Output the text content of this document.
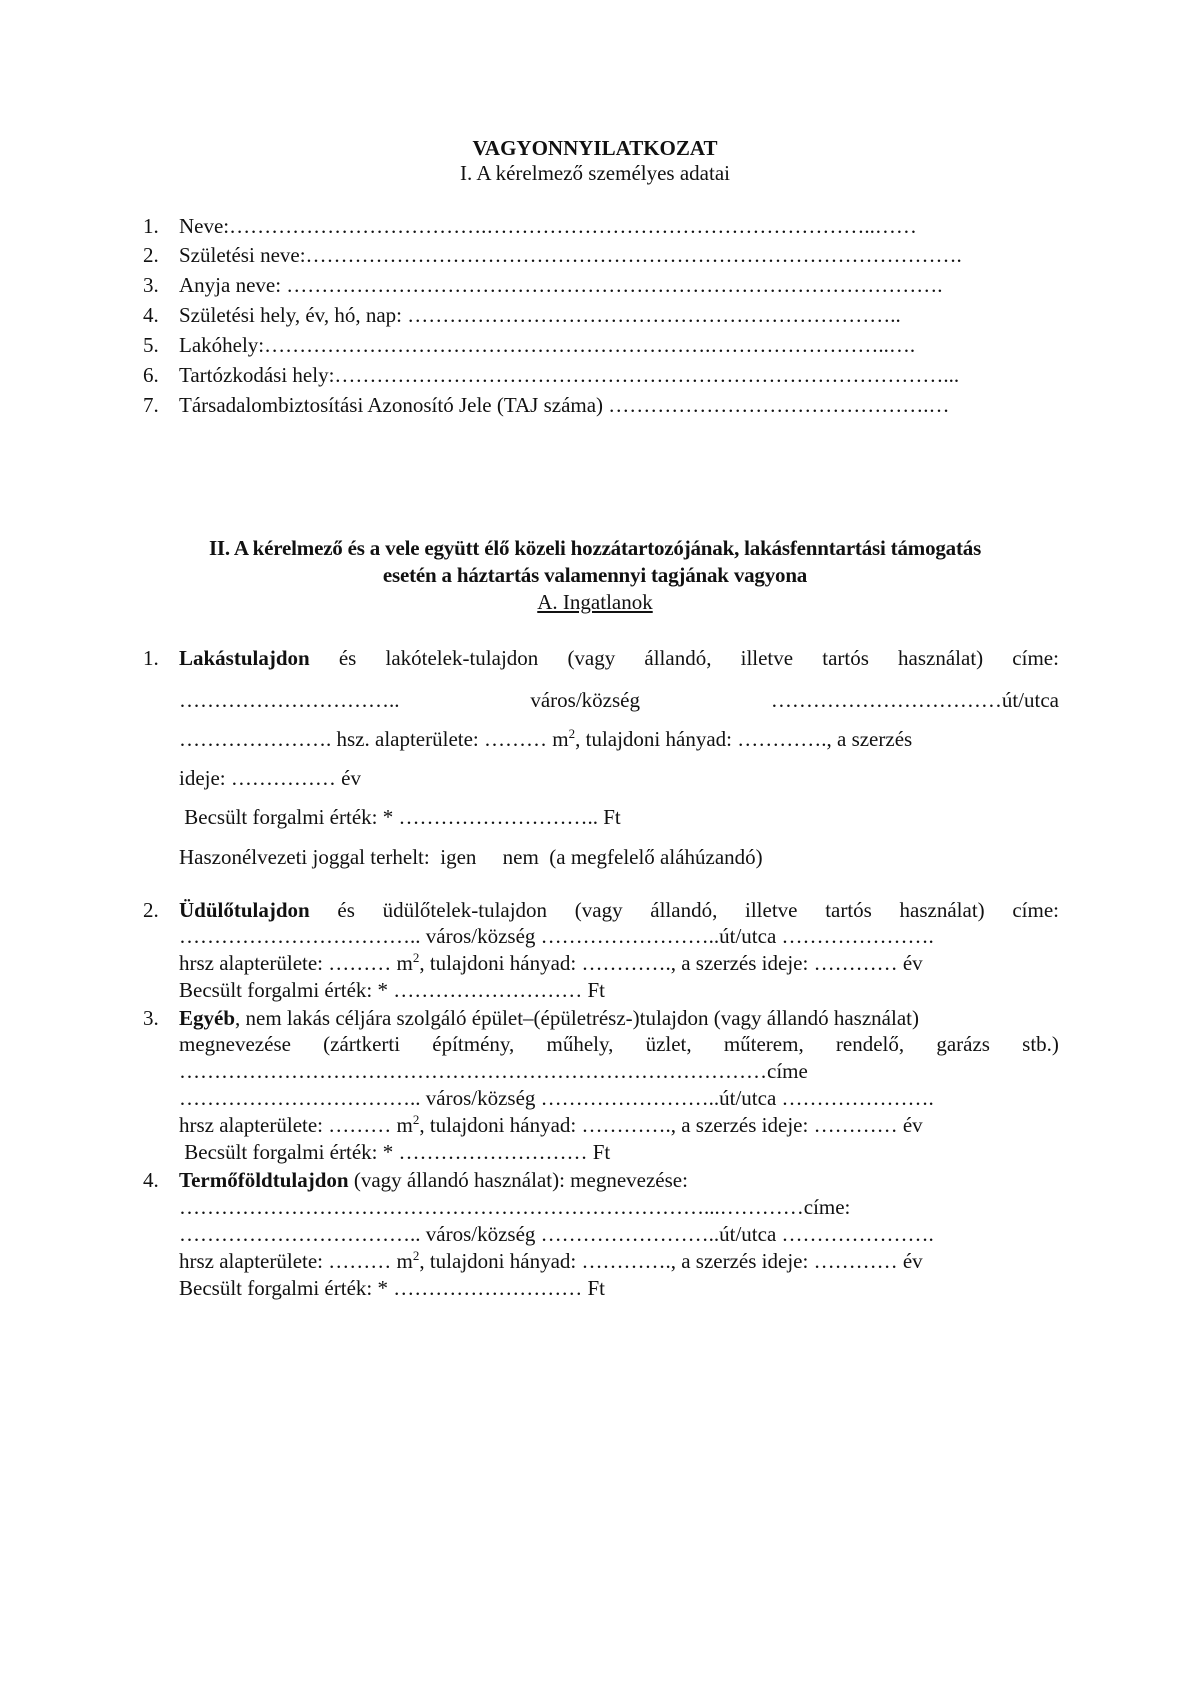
VAGYONNYILATKOZAT
I. A kérelmező személyes adatai
1. Neve:……………………………….………………………………………………..……
2. Születési neve:………………………………………………………………………………….
3. Anyja neve: ………………………………………………………………………………….
4. Születési hely, év, hó, nap: ……………………………………………………………..
5. Lakóhely:……………………………………………………….……………………..….
6. Tartózkodási hely:……………………………………………………………………………...
7. Társadalombiztosítási Azonosító Jele (TAJ száma) ……………………………………….…
II. A kérelmező és a vele együtt élő közeli hozzátartozójának, lakásfenntartási támogatás
esetén a háztartás valamennyi tagjának vagyona
A. Ingatlanok
1. Lakástulajdon és lakótelek-tulajdon (vagy állandó, illetve tartós használat) címe:
…………………………..	város/község	……………………………út/utca
…………………. hsz. alapterülete: ……… $m^2$, tulajdoni hányad: …………., a szerzés
ideje: …………… év
Becsült forgalmi érték: * ……………………….. Ft
Haszonélvezeti joggal terhelt:  igen     nem  (a megfelelő aláhúzandó)
2. Üdülőtulajdon és üdülőtelek-tulajdon (vagy állandó, illetve tartós használat) címe:
…………………………….. város/község ……………………..út/utca ………………….
hrsz alapterülete: ……… $m^2$, tulajdoni hányad: …………., a szerzés ideje: ………… év
Becsült forgalmi érték: * ……………………… Ft
3. Egyéb, nem lakás céljára szolgáló épület–(épületrész-)tulajdon (vagy állandó használat)
megnevezése (zártkerti építmény, műhely, üzlet, műterem, rendelő, garázs stb.)
…………………………………………………………………………címe
…………………………….. város/község ……………………..út/utca ………………….
hrsz alapterülete: ……… $m^2$, tulajdoni hányad: …………., a szerzés ideje: ………… év
Becsült forgalmi érték: * ……………………… Ft
4. Termőföldtulajdon (vagy állandó használat): megnevezése:
…………………………………………………………………...…………címe:
…………………………….. város/község ……………………..út/utca ………………….
hrsz alapterülete: ……… $m^2$, tulajdoni hányad: …………., a szerzés ideje: ………… év
Becsült forgalmi érték: * ……………………… Ft
